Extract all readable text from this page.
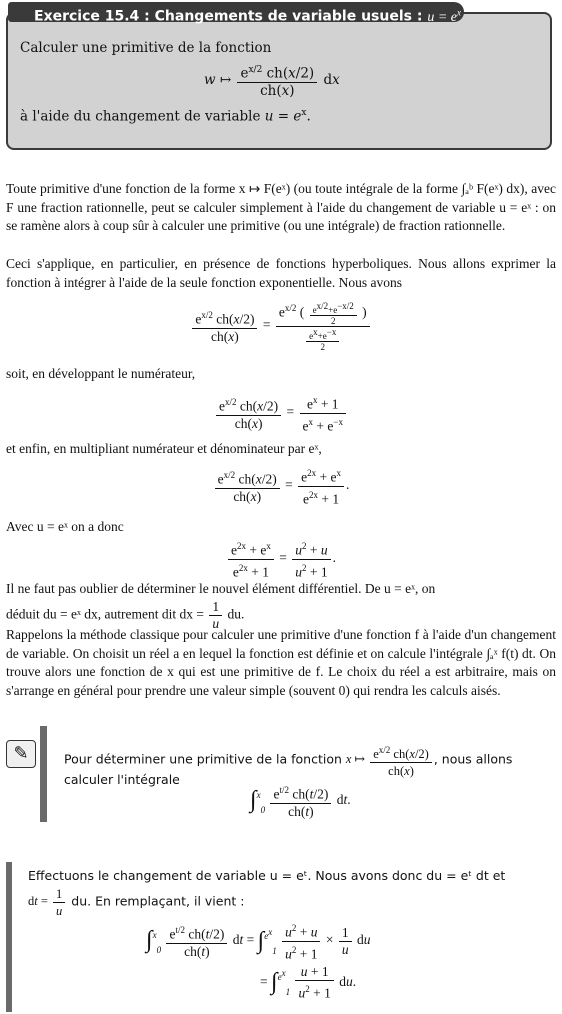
Exercice 15.4 : Changements de variable usuels : $u = e^x$

Calculer une primitive de la fonction

w ↦ $\frac{e^{x/2} ch(x/2)}{ch(x)}$ dx

à l'aide du changement de variable $u = e^x$.

Toute primitive d'une fonction de la forme x ↦ F(eˣ) (ou toute intégrale de la forme ∫ₐᵇ F(eˣ) dx), avec F une fraction rationnelle, peut se calculer simplement à l'aide du changement de variable u = eˣ : on se ramène alors à coup sûr à calculer une primitive (ou une intégrale) de fraction rationnelle.

Ceci s'applique, en particulier, en présence de fonctions hyperboliques. Nous allons exprimer la fonction à intégrer à l'aide de la seule fonction exponentielle. Nous avons

$\frac{e^{x/2} ch(x/2)}{ch(x)} = \frac{e^{x/2} ( \frac{e^{x/2}+e^{-x/2}}{2} )}{\frac{e^x+e^{-x}}{2}}$

soit, en développant le numérateur,

$\frac{e^{x/2} ch(x/2)}{ch(x)} = \frac{e^x + 1}{e^x + e^{-x}}$

et enfin, en multipliant numérateur et dénominateur par eˣ,

$\frac{e^{x/2} ch(x/2)}{ch(x)} = \frac{e^{2x} + e^x}{e^{2x} + 1}$ .

Avec u = eˣ on a donc

$\frac{e^{2x} + e^x}{e^{2x} + 1} = \frac{u^2 + u}{u^2 + 1}$ .

Il ne faut pas oublier de déterminer le nouvel élément différentiel. De u = eˣ, on

déduit du = eˣ dx, autrement dit dx = $\frac{1}{u}$ du.

Rappelons la méthode classique pour calculer une primitive d'une fonction f à l'aide d'un changement de variable. On choisit un réel a en lequel la fonction est définie et on calcule l'intégrale ∫ₐˣ f(t) dt. On trouve alors une fonction de x qui est une primitive de f. Le choix du réel a est arbitraire, mais on s'arrange en général pour prendre une valeur simple (souvent 0) qui rendra les calculs aisés.

✎	Pour déterminer une primitive de la fonction x ↦ $\frac{e^{x/2} ch(x/2)}{ch(x)}$ , nous allons
calculer l'intégrale
$\int^x_0 \frac{e^{t/2} ch(t/2)}{ch(t)}$ dt.
Effectuons le changement de variable u = eᵗ. Nous avons donc du = eᵗ dt et
dt = $\frac{1}{u}$ du. En remplaçant, il vient :
$\int^x_0 \frac{e^{t/2} ch(t/2)}{ch(t)}$ dt = $\int^{e^x}_1 \frac{u^2 + u}{u^2 + 1} \times \frac{1}{u}$ du
= $\int^{e^x}_1 \frac{u + 1}{u^2 + 1}$ du.
